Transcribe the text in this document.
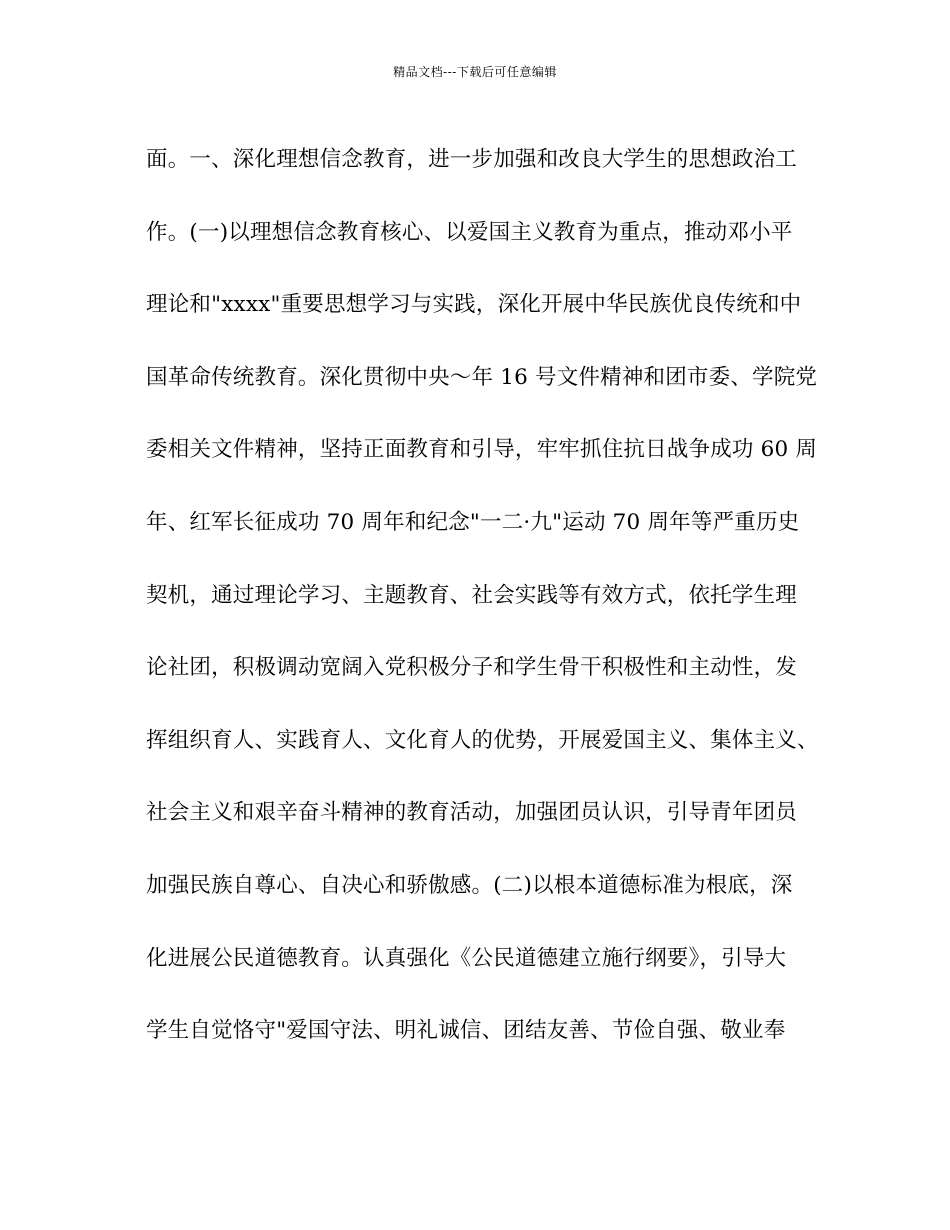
精品文档---下载后可任意编辑
面。一、深化理想信念教育，进一步加强和改良大学生的思想政治工
作。(一)以理想信念教育核心、以爱国主义教育为重点，推动邓小平
理论和"xxxx"重要思想学习与实践，深化开展中华民族优良传统和中
国革命传统教育。深化贯彻中央～年 16 号文件精神和团市委、学院党
委相关文件精神，坚持正面教育和引导，牢牢抓住抗日战争成功 60 周
年、红军长征成功 70 周年和纪念"一二·九"运动 70 周年等严重历史
契机，通过理论学习、主题教育、社会实践等有效方式，依托学生理
论社团，积极调动宽阔入党积极分子和学生骨干积极性和主动性，发
挥组织育人、实践育人、文化育人的优势，开展爱国主义、集体主义、
社会主义和艰辛奋斗精神的教育活动，加强团员认识，引导青年团员
加强民族自尊心、自决心和骄傲感。(二)以根本道德标准为根底，深
化进展公民道德教育。认真强化《公民道德建立施行纲要》，引导大
学生自觉恪守"爱国守法、明礼诚信、团结友善、节俭自强、敬业奉
